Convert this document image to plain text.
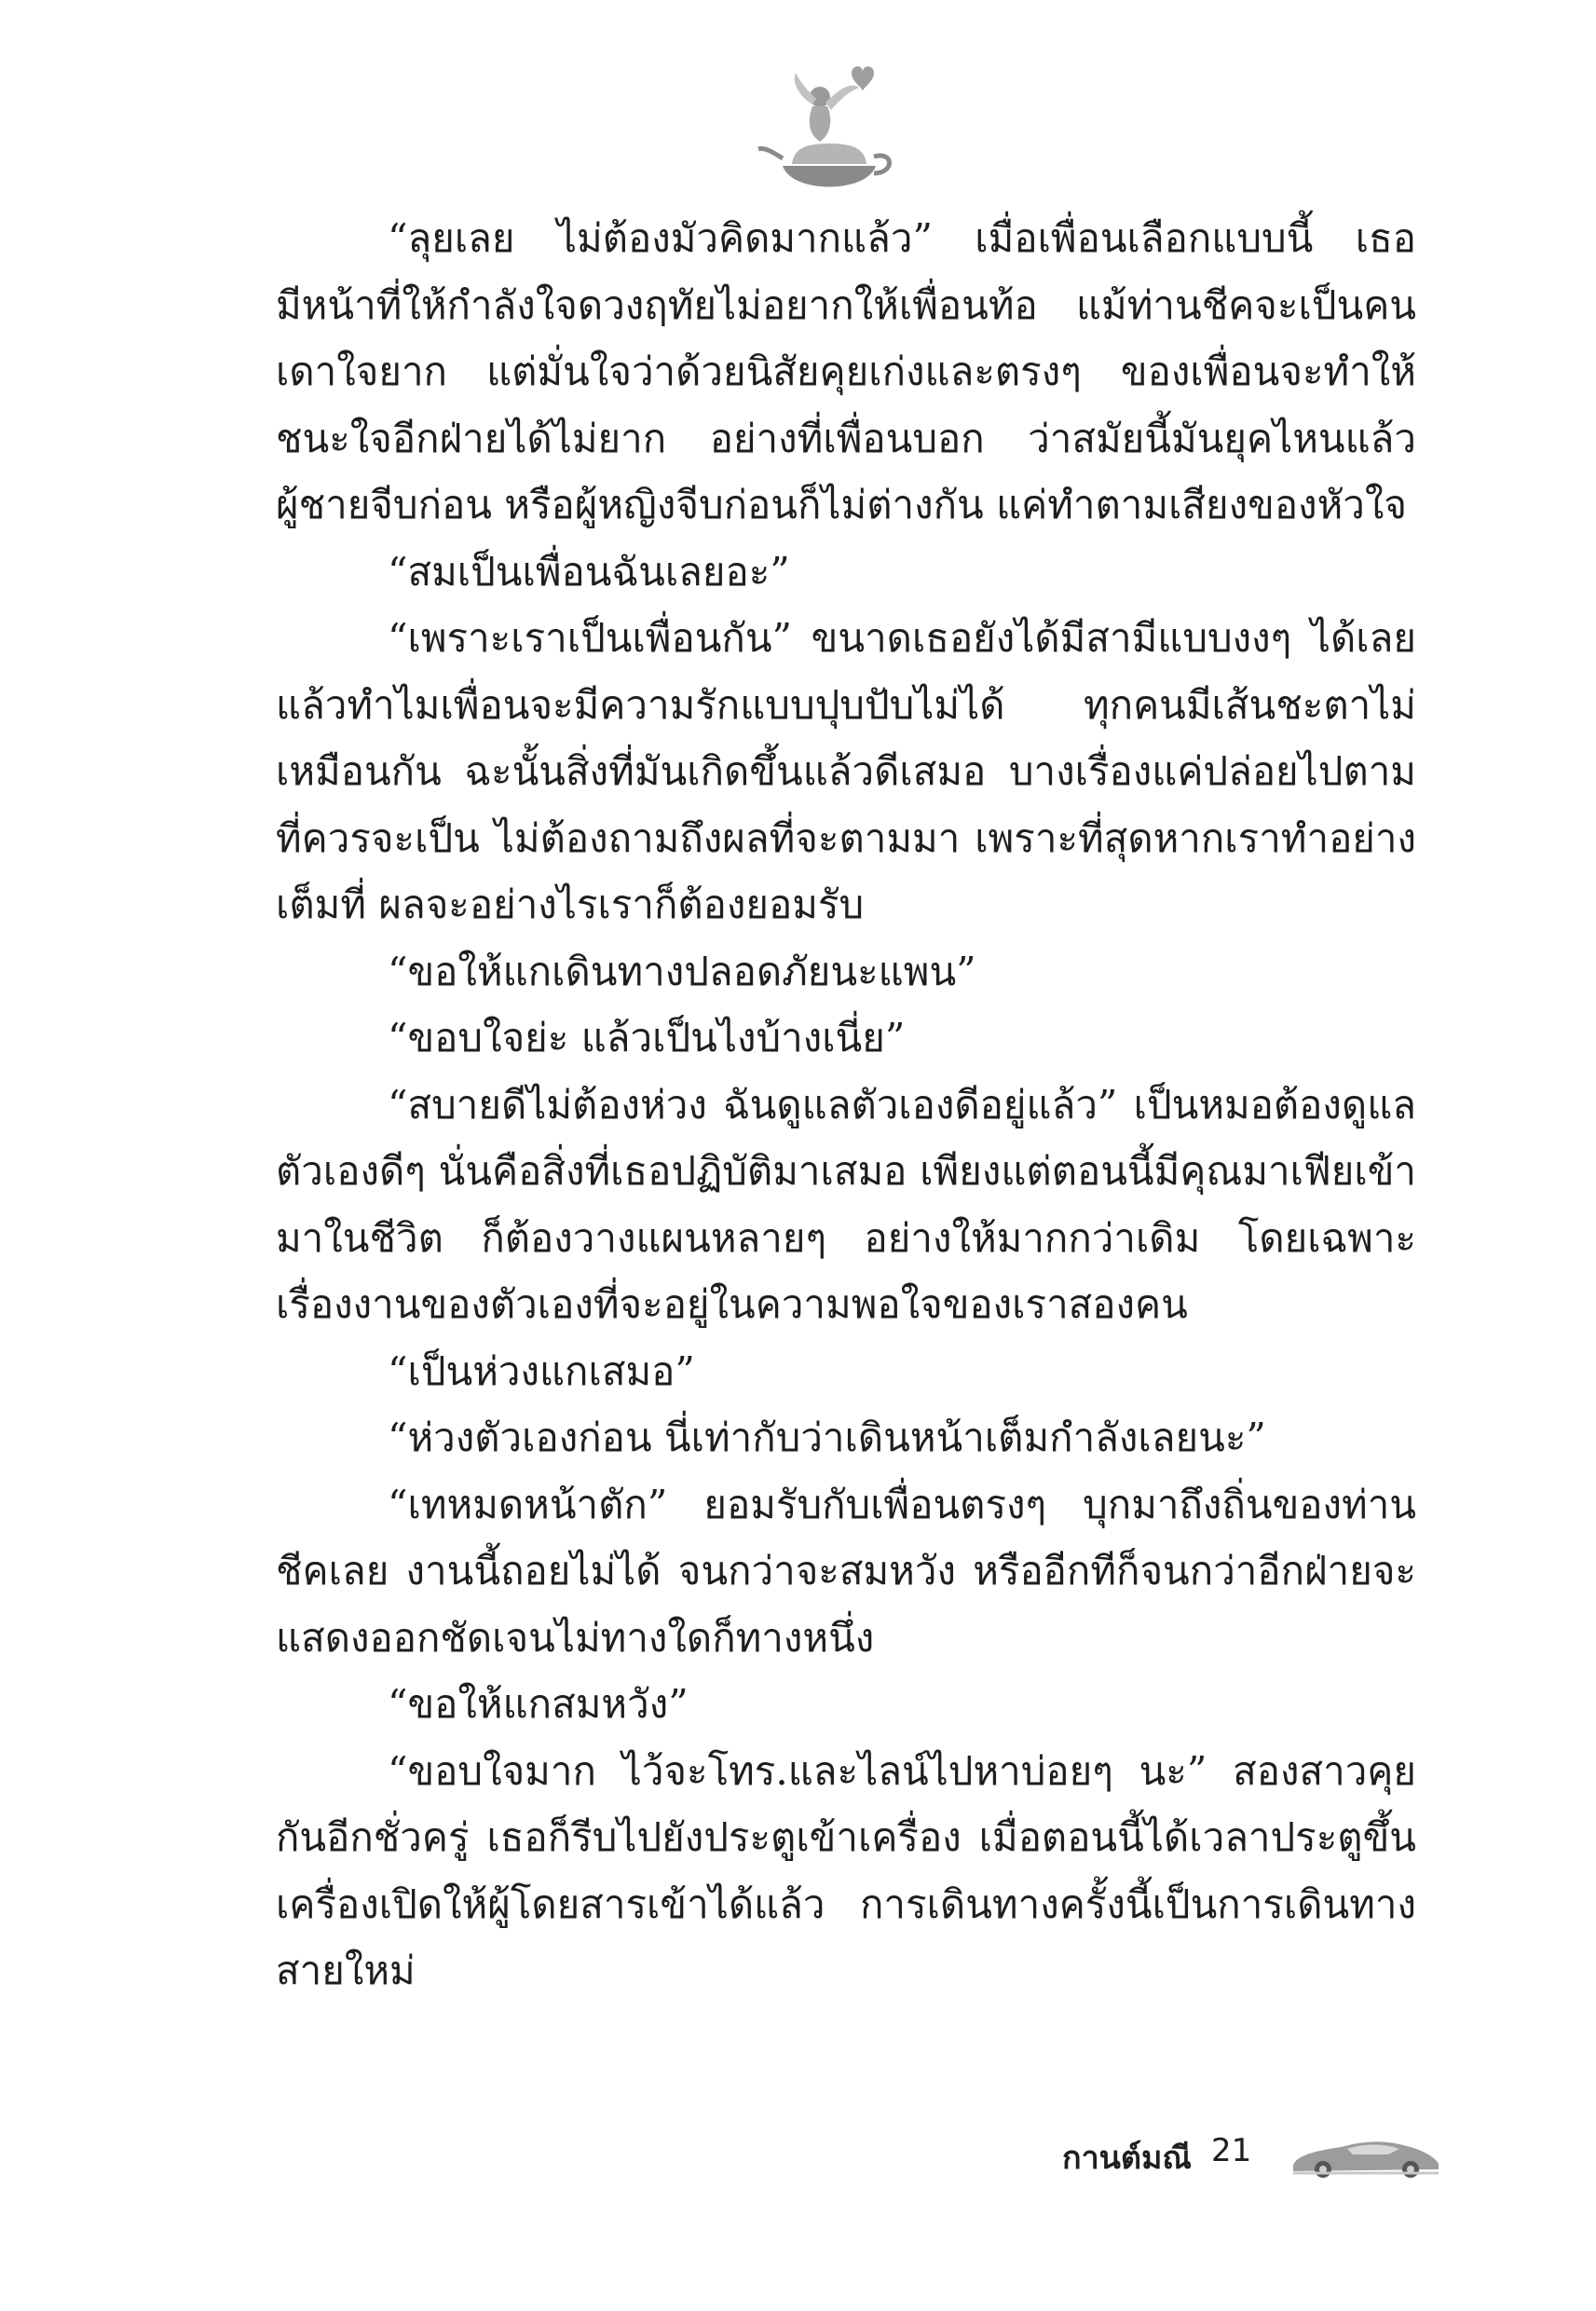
“ลุยเลย ไม่ต้องมัวคิดมากแล้ว” เมื่อเพื่อนเลือกแบบนี้ เธอมีหน้าที่ให้กำลังใจดวงฤทัยไม่อยากให้เพื่อนท้อ แม้ท่านชีคจะเป็นคนเดาใจยาก แต่มั่นใจว่าด้วยนิสัยคุยเก่งและตรงๆ ของเพื่อนจะทำให้ชนะใจอีกฝ่ายได้ไม่ยาก อย่างที่เพื่อนบอก ว่าสมัยนี้มันยุคไหนแล้วผู้ชายจีบก่อน หรือผู้หญิงจีบก่อนก็ไม่ต่างกัน แค่ทำตามเสียงของหัวใจ

“สมเป็นเพื่อนฉันเลยอะ”

“เพราะเราเป็นเพื่อนกัน” ขนาดเธอยังได้มีสามีแบบงงๆ ได้เลยแล้วทำไมเพื่อนจะมีความรักแบบปุบปับไม่ได้ ทุกคนมีเส้นชะตาไม่เหมือนกัน ฉะนั้นสิ่งที่มันเกิดขึ้นแล้วดีเสมอ บางเรื่องแค่ปล่อยไปตามที่ควรจะเป็น ไม่ต้องถามถึงผลที่จะตามมา เพราะที่สุดหากเราทำอย่างเต็มที่ ผลจะอย่างไรเราก็ต้องยอมรับ

“ขอให้แกเดินทางปลอดภัยนะแพน”

“ขอบใจย่ะ แล้วเป็นไงบ้างเนี่ย”

“สบายดีไม่ต้องห่วง ฉันดูแลตัวเองดีอยู่แล้ว” เป็นหมอต้องดูแลตัวเองดีๆ นั่นคือสิ่งที่เธอปฏิบัติมาเสมอ เพียงแต่ตอนนี้มีคุณมาเฟียเข้ามาในชีวิต ก็ต้องวางแผนหลายๆ อย่างให้มากกว่าเดิม โดยเฉพาะเรื่องงานของตัวเองที่จะอยู่ในความพอใจของเราสองคน

“เป็นห่วงแกเสมอ”

“ห่วงตัวเองก่อน นี่เท่ากับว่าเดินหน้าเต็มกำลังเลยนะ”

“เทหมดหน้าตัก” ยอมรับกับเพื่อนตรงๆ บุกมาถึงถิ่นของท่านชีคเลย งานนี้ถอยไม่ได้ จนกว่าจะสมหวัง หรืออีกทีก็จนกว่าอีกฝ่ายจะแสดงออกชัดเจนไม่ทางใดก็ทางหนึ่ง

“ขอให้แกสมหวัง”

“ขอบใจมาก ไว้จะโทร.และไลน์ไปหาบ่อยๆ นะ” สองสาวคุยกันอีกชั่วครู่ เธอก็รีบไปยังประตูเข้าเครื่อง เมื่อตอนนี้ได้เวลาประตูขึ้นเครื่องเปิดให้ผู้โดยสารเข้าได้แล้ว การเดินทางครั้งนี้เป็นการเดินทางสายใหม่

กานต์มณี 21
